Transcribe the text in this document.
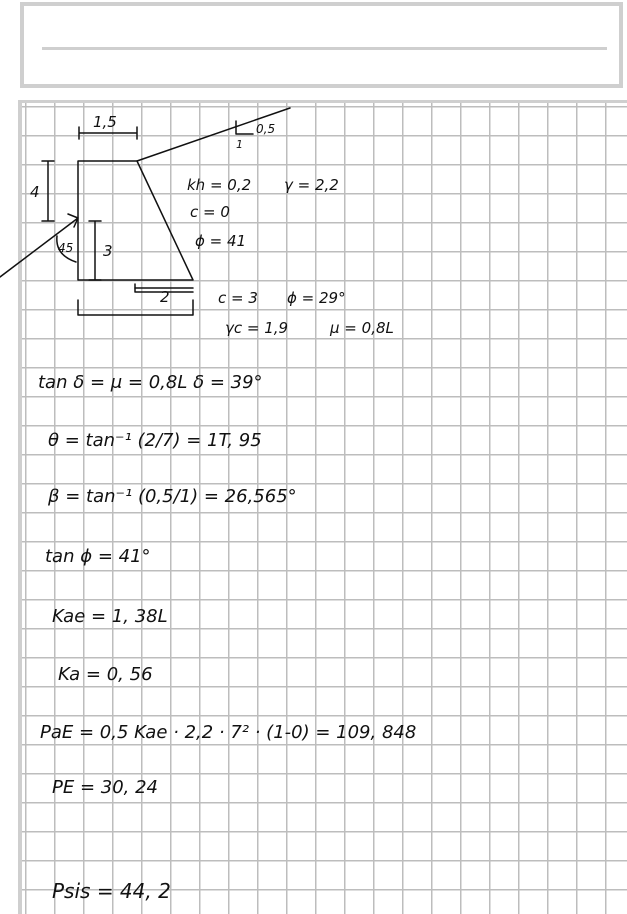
1,5	0,5
1
4
3
45
2
kh = 0,2 γ = 2,2
c = 0
ϕ = 41
c = 3 ϕ = 29°
γc = 1,9	μ = 0,8L
tan δ = μ = 0,8L δ = 39°
θ = tan⁻¹ (2/7) = 1T, 95
β = tan⁻¹ (0,5/1) = 26,565°
tan ϕ = 41°
Kae = 1, 38L
Ka = 0, 56
PaE = 0,5 Kae · 2,2 · 7² · (1-0) = 109, 848
PE = 30, 24
Psis = 44, 2
